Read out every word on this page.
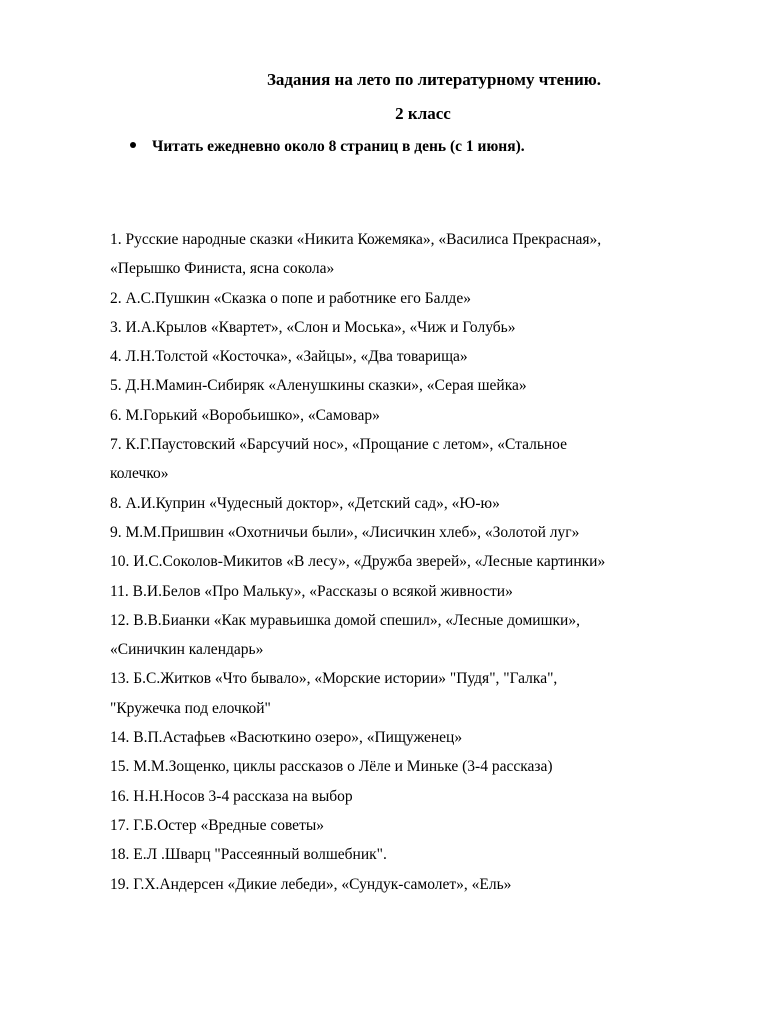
Задания на лето по литературному чтению.
2 класс
Читать ежедневно около 8 страниц в день (с 1 июня).
1. Русские народные сказки «Никита Кожемяка», «Василиса Прекрасная»,
«Перышко Финиста, ясна сокола»
2. А.С.Пушкин «Сказка о попе и работнике его Балде»
3. И.А.Крылов «Квартет», «Слон и Моська», «Чиж и Голубь»
4. Л.Н.Толстой «Косточка», «Зайцы», «Два товарища»
5. Д.Н.Мамин-Сибиряк «Аленушкины сказки», «Серая шейка»
6. М.Горький «Воробьишко», «Самовар»
7. К.Г.Паустовский «Барсучий нос», «Прощание с летом», «Стальное
колечко»
8. А.И.Куприн «Чудесный доктор», «Детский сад», «Ю-ю»
9. М.М.Пришвин «Охотничьи были», «Лисичкин хлеб», «Золотой луг»
10. И.С.Соколов-Микитов «В лесу», «Дружба зверей», «Лесные картинки»
11. В.И.Белов «Про Мальку», «Рассказы о всякой живности»
12. В.В.Бианки «Как муравьишка домой спешил», «Лесные домишки»,
«Синичкин календарь»
13. Б.С.Житков «Что бывало», «Морские истории» "Пудя", "Галка",
"Кружечка под елочкой"
14. В.П.Астафьев «Васюткино озеро», «Пищуженец»
15. М.М.Зощенко, циклы рассказов о Лёле и Миньке (3-4 рассказа)
16. Н.Н.Носов 3-4 рассказа на выбор
17. Г.Б.Остер «Вредные советы»
18. Е.Л .Шварц "Рассеянный волшебник".
19. Г.Х.Андерсен «Дикие лебеди», «Сундук-самолет», «Ель»
